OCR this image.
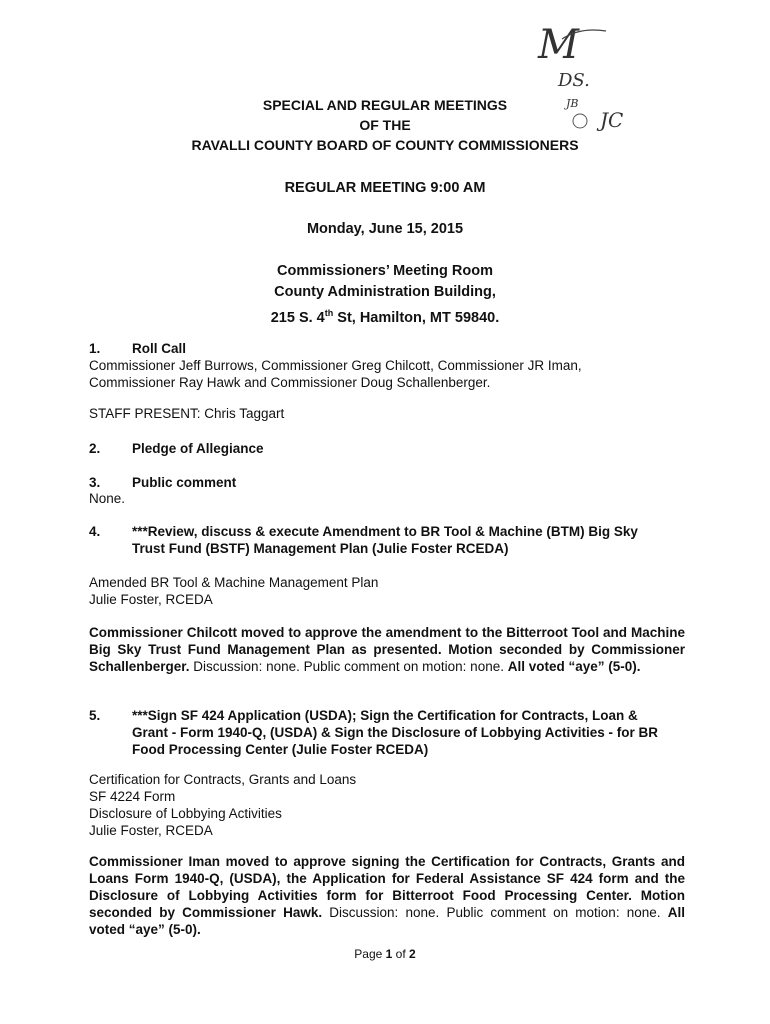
M
DS.
JB
JC
SPECIAL AND REGULAR MEETINGS
OF THE
RAVALLI COUNTY BOARD OF COUNTY COMMISSIONERS
REGULAR MEETING 9:00 AM
Monday, June 15, 2015
Commissioners’ Meeting Room
County Administration Building,
215 S. 4th St, Hamilton, MT 59840.
1. Roll Call
Commissioner Jeff Burrows, Commissioner Greg Chilcott, Commissioner JR Iman,
Commissioner Ray Hawk and Commissioner Doug Schallenberger.
STAFF PRESENT: Chris Taggart
2. Pledge of Allegiance
3. Public comment
None.
4. ***Review, discuss & execute Amendment to BR Tool & Machine (BTM) Big Sky
Trust Fund (BSTF) Management Plan (Julie Foster RCEDA)
Amended BR Tool & Machine Management Plan
Julie Foster, RCEDA
Commissioner Chilcott moved to approve the amendment to the Bitterroot Tool and Machine Big Sky Trust Fund Management Plan as presented. Motion seconded by Commissioner Schallenberger. Discussion: none. Public comment on motion: none. All voted “aye” (5-0).
5. ***Sign SF 424 Application (USDA); Sign the Certification for Contracts, Loan &
Grant - Form 1940-Q, (USDA) & Sign the Disclosure of Lobbying Activities - for BR
Food Processing Center (Julie Foster RCEDA)
Certification for Contracts, Grants and Loans
SF 4224 Form
Disclosure of Lobbying Activities
Julie Foster, RCEDA
Commissioner Iman moved to approve signing the Certification for Contracts, Grants and Loans Form 1940-Q, (USDA), the Application for Federal Assistance SF 424 form and the Disclosure of Lobbying Activities form for Bitterroot Food Processing Center. Motion seconded by Commissioner Hawk. Discussion: none. Public comment on motion: none. All voted “aye” (5-0).
Page 1 of 2
